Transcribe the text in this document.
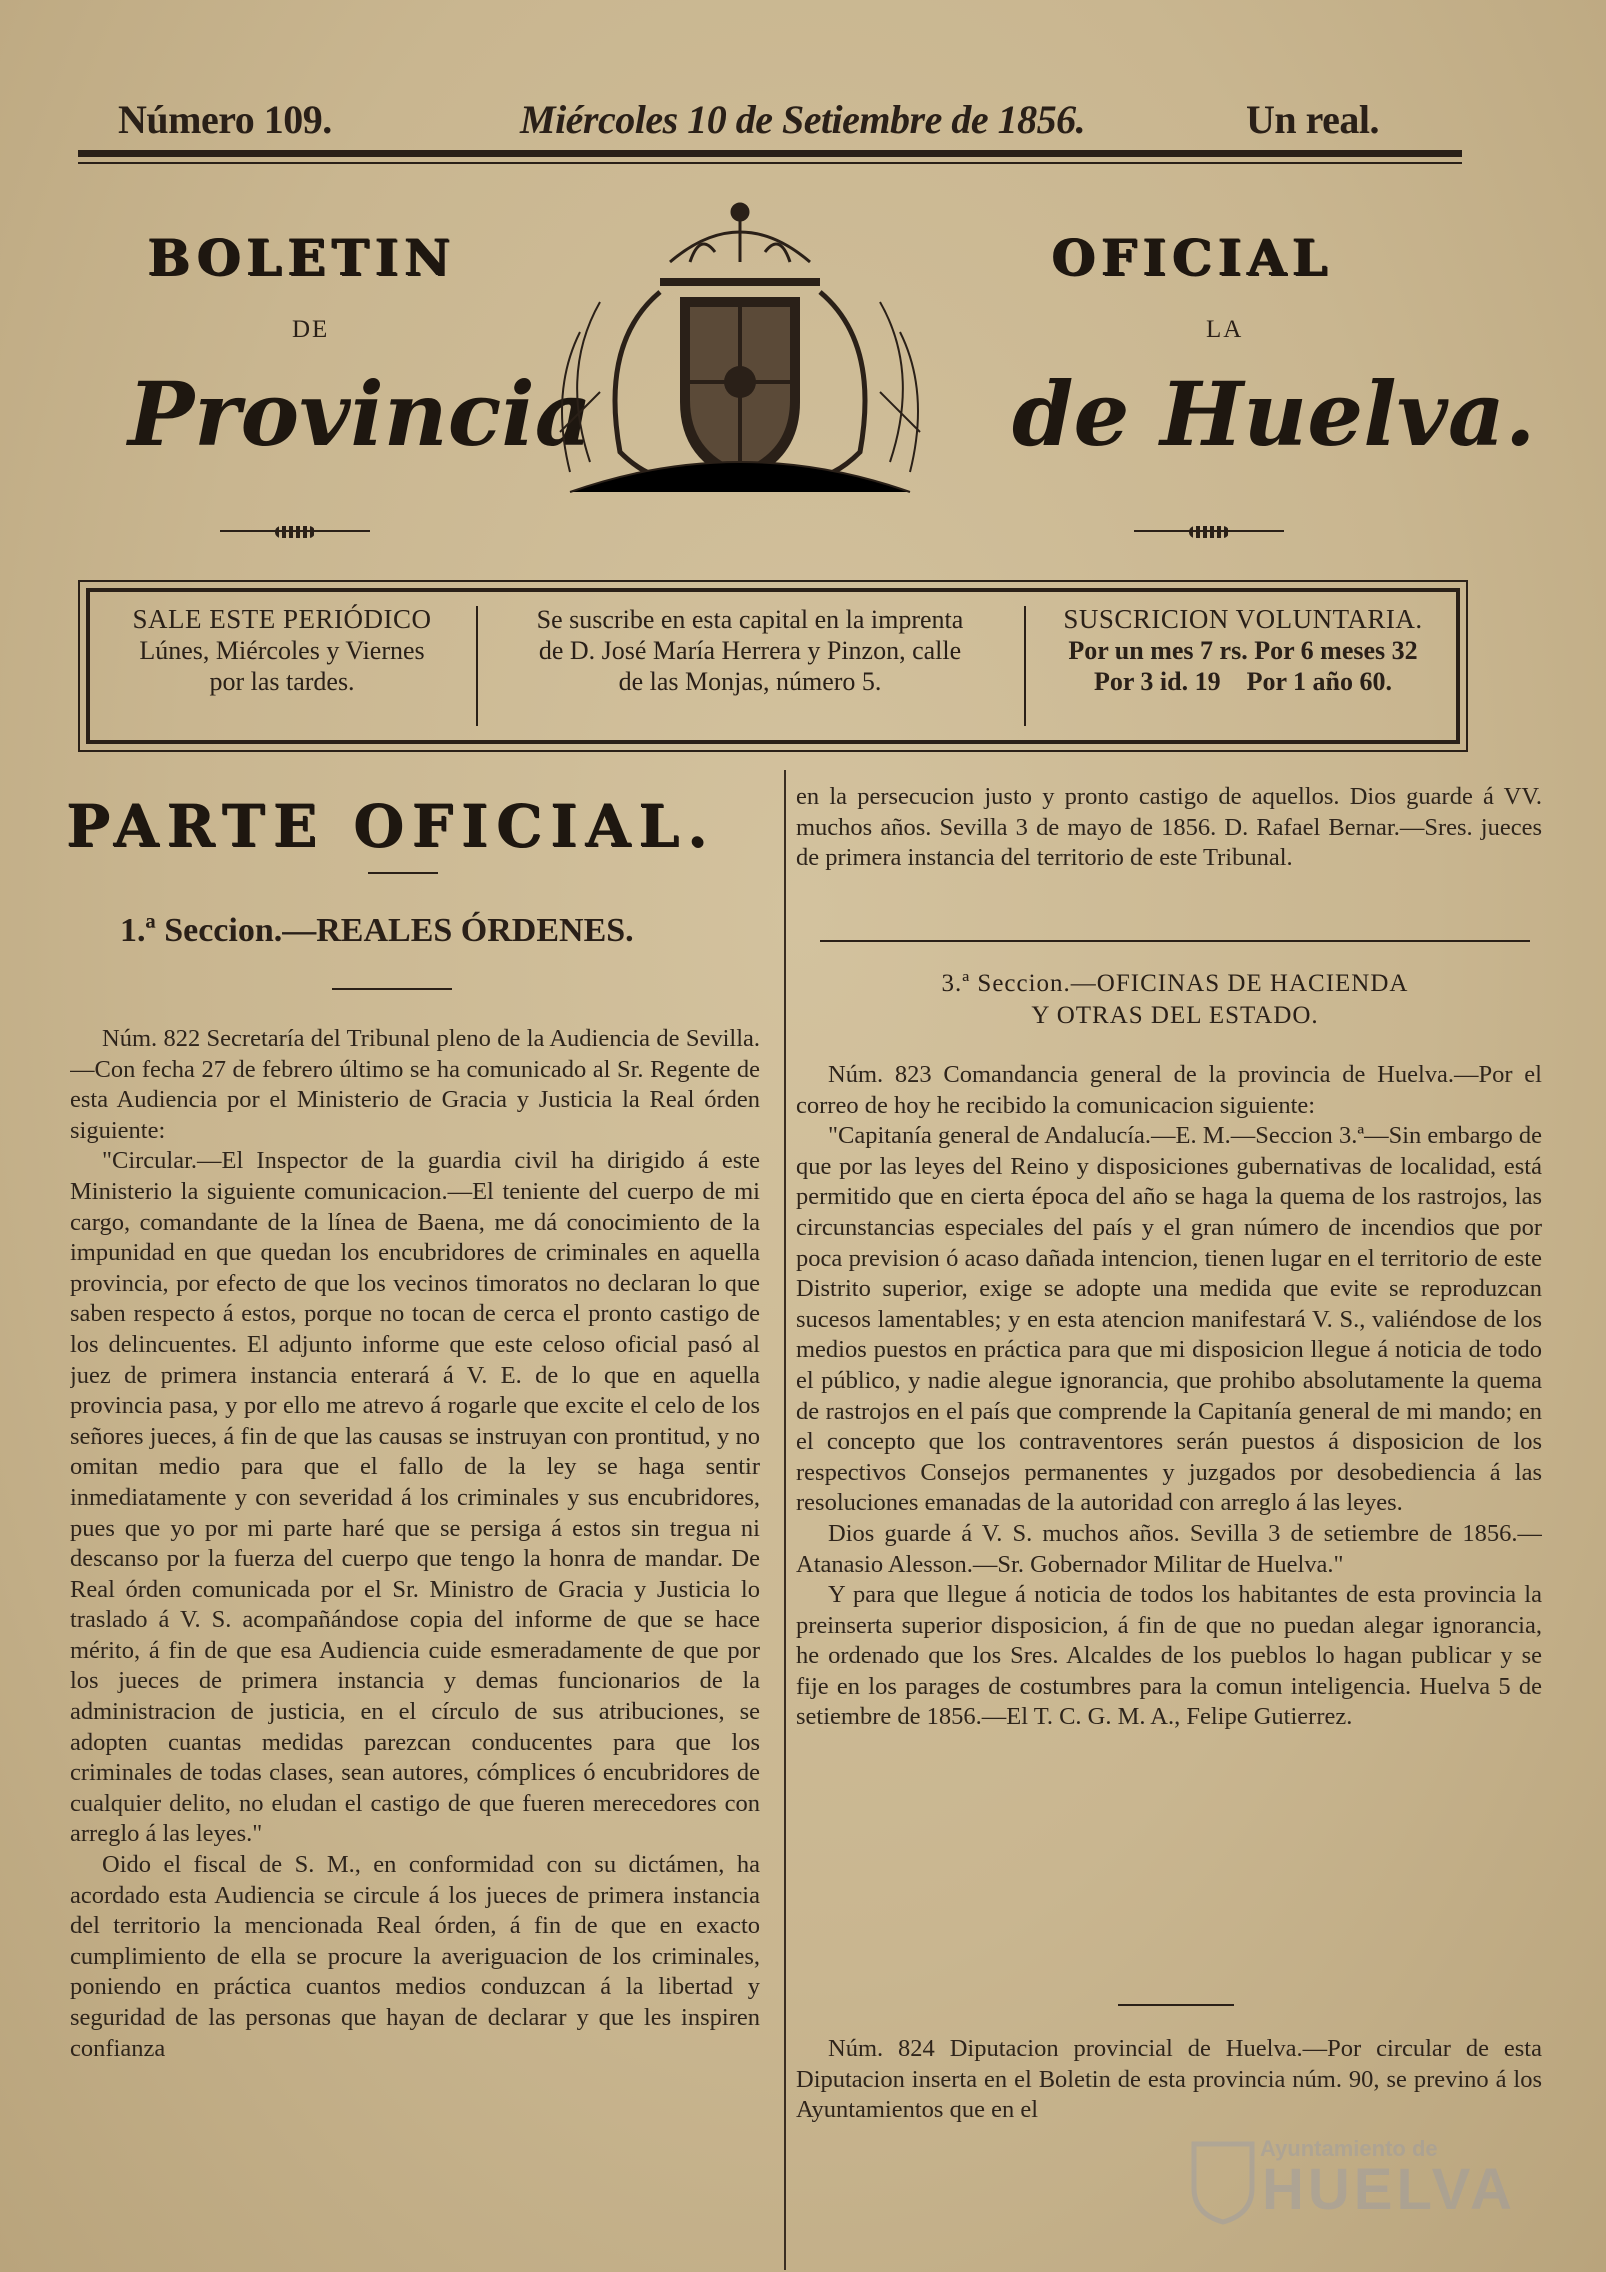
Número 109.	Miércoles 10 de Setiembre de 1856.	Un real.
BOLETIN
DE
OFICIAL
LA
Provincia	de Huelva.
SALE ESTE PERIÓDICO
Lúnes, Miércoles y Viernes
por las tardes.
Se suscribe en esta capital en la imprenta
de D. José María Herrera y Pinzon, calle
de las Monjas, número 5.
SUSCRICION VOLUNTARIA.
Por un mes 7 rs. Por 6 meses 32
Por 3 id. 19    Por 1 año 60.
PARTE OFICIAL.
1.ª Seccion.—REALES ÓRDENES.

Núm. 822 Secretaría del Tribunal pleno de la Audiencia de Sevilla.—Con fecha 27 de febrero último se ha comunicado al Sr. Regente de esta Audiencia por el Ministerio de Gracia y Justicia la Real órden siguiente:

"Circular.—El Inspector de la guardia civil ha dirigido á este Ministerio la siguiente comunicacion.—El teniente del cuerpo de mi cargo, comandante de la línea de Baena, me dá conocimiento de la impunidad en que quedan los encubridores de criminales en aquella provincia, por efecto de que los vecinos timoratos no declaran lo que saben respecto á estos, porque no tocan de cerca el pronto castigo de los delincuentes. El adjunto informe que este celoso oficial pasó al juez de primera instancia enterará á V. E. de lo que en aquella provincia pasa, y por ello me atrevo á rogarle que excite el celo de los señores jueces, á fin de que las causas se instruyan con prontitud, y no omitan medio para que el fallo de la ley se haga sentir inmediatamente y con severidad á los criminales y sus encubridores, pues que yo por mi parte haré que se persiga á estos sin tregua ni descanso por la fuerza del cuerpo que tengo la honra de mandar. De Real órden comunicada por el Sr. Ministro de Gracia y Justicia lo traslado á V. S. acompañándose copia del informe de que se hace mérito, á fin de que esa Audiencia cuide esmeradamente de que por los jueces de primera instancia y demas funcionarios de la administracion de justicia, en el círculo de sus atribuciones, se adopten cuantas medidas parezcan conducentes para que los criminales de todas clases, sean autores, cómplices ó encubridores de cualquier delito, no eludan el castigo de que fueren merecedores con arreglo á las leyes."

Oido el fiscal de S. M., en conformidad con su dictámen, ha acordado esta Audiencia se circule á los jueces de primera instancia del territorio la mencionada Real órden, á fin de que en exacto cumplimiento de ella se procure la averiguacion de los criminales, poniendo en práctica cuantos medios conduzcan á la libertad y seguridad de las personas que hayan de declarar y que les inspiren confianza

en la persecucion justo y pronto castigo de aquellos. Dios guarde á VV. muchos años. Sevilla 3 de mayo de 1856. D. Rafael Bernar.—Sres. jueces de primera instancia del territorio de este Tribunal.

3.ª Seccion.—OFICINAS DE HACIENDA
Y OTRAS DEL ESTADO.

Núm. 823 Comandancia general de la provincia de Huelva.—Por el correo de hoy he recibido la comunicacion siguiente:

"Capitanía general de Andalucía.—E. M.—Seccion 3.ª—Sin embargo de que por las leyes del Reino y disposiciones gubernativas de localidad, está permitido que en cierta época del año se haga la quema de los rastrojos, las circunstancias especiales del país y el gran número de incendios que por poca prevision ó acaso dañada intencion, tienen lugar en el territorio de este Distrito superior, exige se adopte una medida que evite se reproduzcan sucesos lamentables; y en esta atencion manifestará V. S., valiéndose de los medios puestos en práctica para que mi disposicion llegue á noticia de todo el público, y nadie alegue ignorancia, que prohibo absolutamente la quema de rastrojos en el país que comprende la Capitanía general de mi mando; en el concepto que los contraventores serán puestos á disposicion de los respectivos Consejos permanentes y juzgados por desobediencia á las resoluciones emanadas de la autoridad con arreglo á las leyes.

Dios guarde á V. S. muchos años. Sevilla 3 de setiembre de 1856.—Atanasio Alesson.—Sr. Gobernador Militar de Huelva."

Y para que llegue á noticia de todos los habitantes de esta provincia la preinserta superior disposicion, á fin de que no puedan alegar ignorancia, he ordenado que los Sres. Alcaldes de los pueblos lo hagan publicar y se fije en los parages de costumbres para la comun inteligencia. Huelva 5 de setiembre de 1856.—El T. C. G. M. A., Felipe Gutierrez.

Núm. 824 Diputacion provincial de Huelva.—Por circular de esta Diputacion inserta en el Boletin de esta provincia núm. 90, se previno á los Ayuntamientos que en el

Ayuntamiento de
HUELVA
